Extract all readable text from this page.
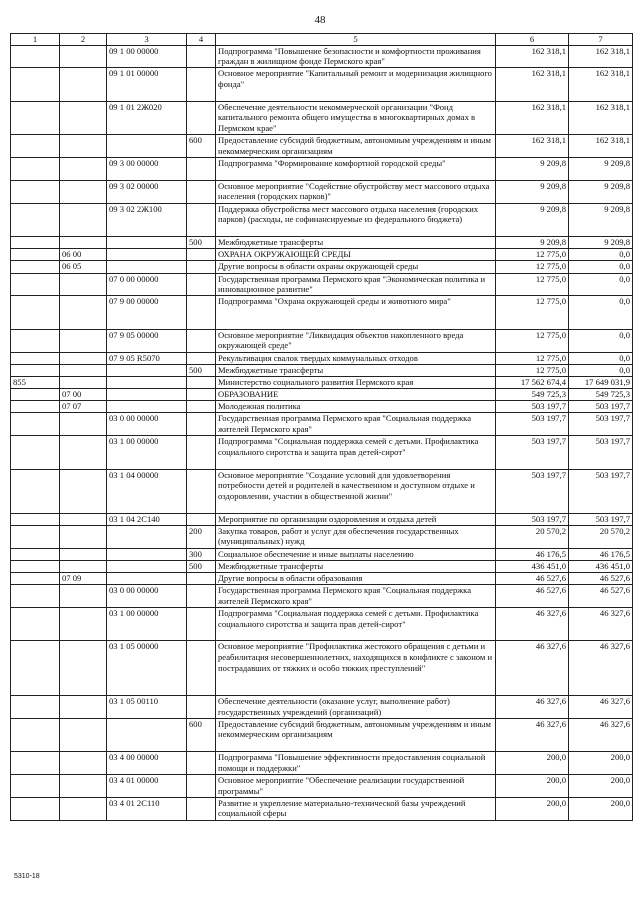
48
1	2	3	4	5	6	7
		09 1 00 00000		Подпрограмма "Повышение безопасности и комфортности проживания граждан в жилищном фонде Пермского края"	162 318,1	162 318,1
		09 1 01 00000		Основное мероприятие "Капитальный ремонт и модернизация жилищного фонда"	162 318,1	162 318,1
		09 1 01 2Ж020		Обеспечение деятельности некоммерческой организации "Фонд капитального ремонта общего имущества в многоквартирных домах в Пермском крае"	162 318,1	162 318,1
			600	Предоставление субсидий бюджетным, автономным учреждениям и иным некоммерческим организациям	162 318,1	162 318,1
		09 3 00 00000		Подпрограмма "Формирование комфортной городской среды"	9 209,8	9 209,8
		09 3 02 00000		Основное мероприятие "Содействие обустройству мест массового отдыха населения (городских парков)"	9 209,8	9 209,8
		09 3 02 2Ж100		Поддержка обустройства мест массового отдыха населения (городских парков) (расходы, не софинансируемые из федерального бюджета)	9 209,8	9 209,8
			500	Межбюджетные трансферты	9 209,8	9 209,8
	06 00			ОХРАНА ОКРУЖАЮЩЕЙ СРЕДЫ	12 775,0	0,0
	06 05			Другие вопросы в области охраны окружающей среды	12 775,0	0,0
		07 0 00 00000		Государственная программа Пермского края "Экономическая политика и инновационное развитие"	12 775,0	0,0
		07 9 00 00000		Подпрограмма "Охрана окружающей среды и животного мира"	12 775,0	0,0
		07 9 05 00000		Основное мероприятие "Ликвидация объектов накопленного вреда окружающей среде"	12 775,0	0,0
		07 9 05 R5070		Рекультивация свалок твердых коммунальных отходов	12 775,0	0,0
			500	Межбюджетные трансферты	12 775,0	0,0
855				Министерство социального развития Пермского края	17 562 674,4	17 649 031,9
	07 00			ОБРАЗОВАНИЕ	549 725,3	549 725,3
	07 07			Молодежная политика	503 197,7	503 197,7
		03 0 00 00000		Государственная программа Пермского края "Социальная поддержка жителей Пермского края"	503 197,7	503 197,7
		03 1 00 00000		Подпрограмма "Социальная поддержка семей с детьми. Профилактика социального сиротства и защита прав детей-сирот"	503 197,7	503 197,7
		03 1 04 00000		Основное мероприятие "Создание условий для удовлетворения потребности детей и родителей в качественном и доступном отдыхе и оздоровлении, участии в общественной жизни"	503 197,7	503 197,7
		03 1 04 2С140		Мероприятие по организации оздоровления и отдыха детей	503 197,7	503 197,7
			200	Закупка товаров, работ и услуг для обеспечения государственных (муниципальных) нужд	20 570,2	20 570,2
			300	Социальное обеспечение и иные выплаты населению	46 176,5	46 176,5
			500	Межбюджетные трансферты	436 451,0	436 451,0
	07 09			Другие вопросы в области образования	46 527,6	46 527,6
		03 0 00 00000		Государственная программа Пермского края "Социальная поддержка жителей Пермского края"	46 527,6	46 527,6
		03 1 00 00000		Подпрограмма "Социальная поддержка семей с детьми. Профилактика социального сиротства и защита прав детей-сирот"	46 327,6	46 327,6
		03 1 05 00000		Основное мероприятие "Профилактика жестокого обращения с детьми и реабилитация несовершеннолетних, находящихся в конфликте с законом и пострадавших от тяжких и особо тяжких преступлений"	46 327,6	46 327,6
		03 1 05 00110		Обеспечение деятельности (оказание услуг, выполнение работ) государственных учреждений (организаций)	46 327,6	46 327,6
			600	Предоставление субсидий бюджетным, автономным учреждениям и иным некоммерческим организациям	46 327,6	46 327,6
		03 4 00 00000		Подпрограмма "Повышение эффективности предоставления социальной помощи и поддержки"	200,0	200,0
		03 4 01 00000		Основное мероприятие "Обеспечение реализации государственной программы"	200,0	200,0
		03 4 01 2С110		Развитие и укрепление материально-технической базы учреждений социальной сферы	200,0	200,0
5310-18
